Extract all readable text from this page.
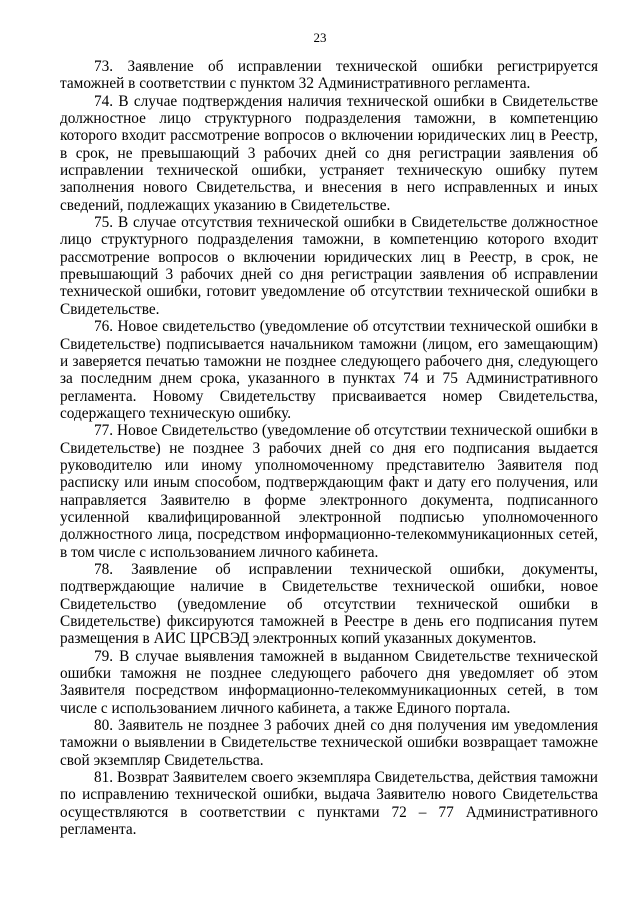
23

73. Заявление об исправлении технической ошибки регистрируется таможней в соответствии с пунктом 32 Административного регламента.

74. В случае подтверждения наличия технической ошибки в Свидетельстве должностное лицо структурного подразделения таможни, в компетенцию которого входит рассмотрение вопросов о включении юридических лиц в Реестр, в срок, не превышающий 3 рабочих дней со дня регистрации заявления об исправлении технической ошибки, устраняет техническую ошибку путем заполнения нового Свидетельства, и внесения в него исправленных и иных сведений, подлежащих указанию в Свидетельстве.

75. В случае отсутствия технической ошибки в Свидетельстве должностное лицо структурного подразделения таможни, в компетенцию которого входит рассмотрение вопросов о включении юридических лиц в Реестр, в срок, не превышающий 3 рабочих дней со дня регистрации заявления об исправлении технической ошибки, готовит уведомление об отсутствии технической ошибки в Свидетельстве.

76. Новое свидетельство (уведомление об отсутствии технической ошибки в Свидетельстве) подписывается начальником таможни (лицом, его замещающим) и заверяется печатью таможни не позднее следующего рабочего дня, следующего за последним днем срока, указанного в пунктах 74 и 75 Административного регламента. Новому Свидетельству присваивается номер Свидетельства, содержащего техническую ошибку.

77. Новое Свидетельство (уведомление об отсутствии технической ошибки в Свидетельстве) не позднее 3 рабочих дней со дня его подписания выдается руководителю или иному уполномоченному представителю Заявителя под расписку или иным способом, подтверждающим факт и дату его получения, или направляется Заявителю в форме электронного документа, подписанного усиленной квалифицированной электронной подписью уполномоченного должностного лица, посредством информационно-телекоммуникационных сетей, в том числе с использованием личного кабинета.

78. Заявление об исправлении технической ошибки, документы, подтверждающие наличие в Свидетельстве технической ошибки, новое Свидетельство (уведомление об отсутствии технической ошибки в Свидетельстве) фиксируются таможней в Реестре в день его подписания путем размещения в АИС ЦРСВЭД электронных копий указанных документов.

79. В случае выявления таможней в выданном Свидетельстве технической ошибки таможня не позднее следующего рабочего дня уведомляет об этом Заявителя посредством информационно-телекоммуникационных сетей, в том числе с использованием личного кабинета, а также Единого портала.

80. Заявитель не позднее 3 рабочих дней со дня получения им уведомления таможни о выявлении в Свидетельстве технической ошибки возвращает таможне свой экземпляр Свидетельства.

81. Возврат Заявителем своего экземпляра Свидетельства, действия таможни по исправлению технической ошибки, выдача Заявителю нового Свидетельства осуществляются в соответствии с пунктами 72 – 77 Административного регламента.
